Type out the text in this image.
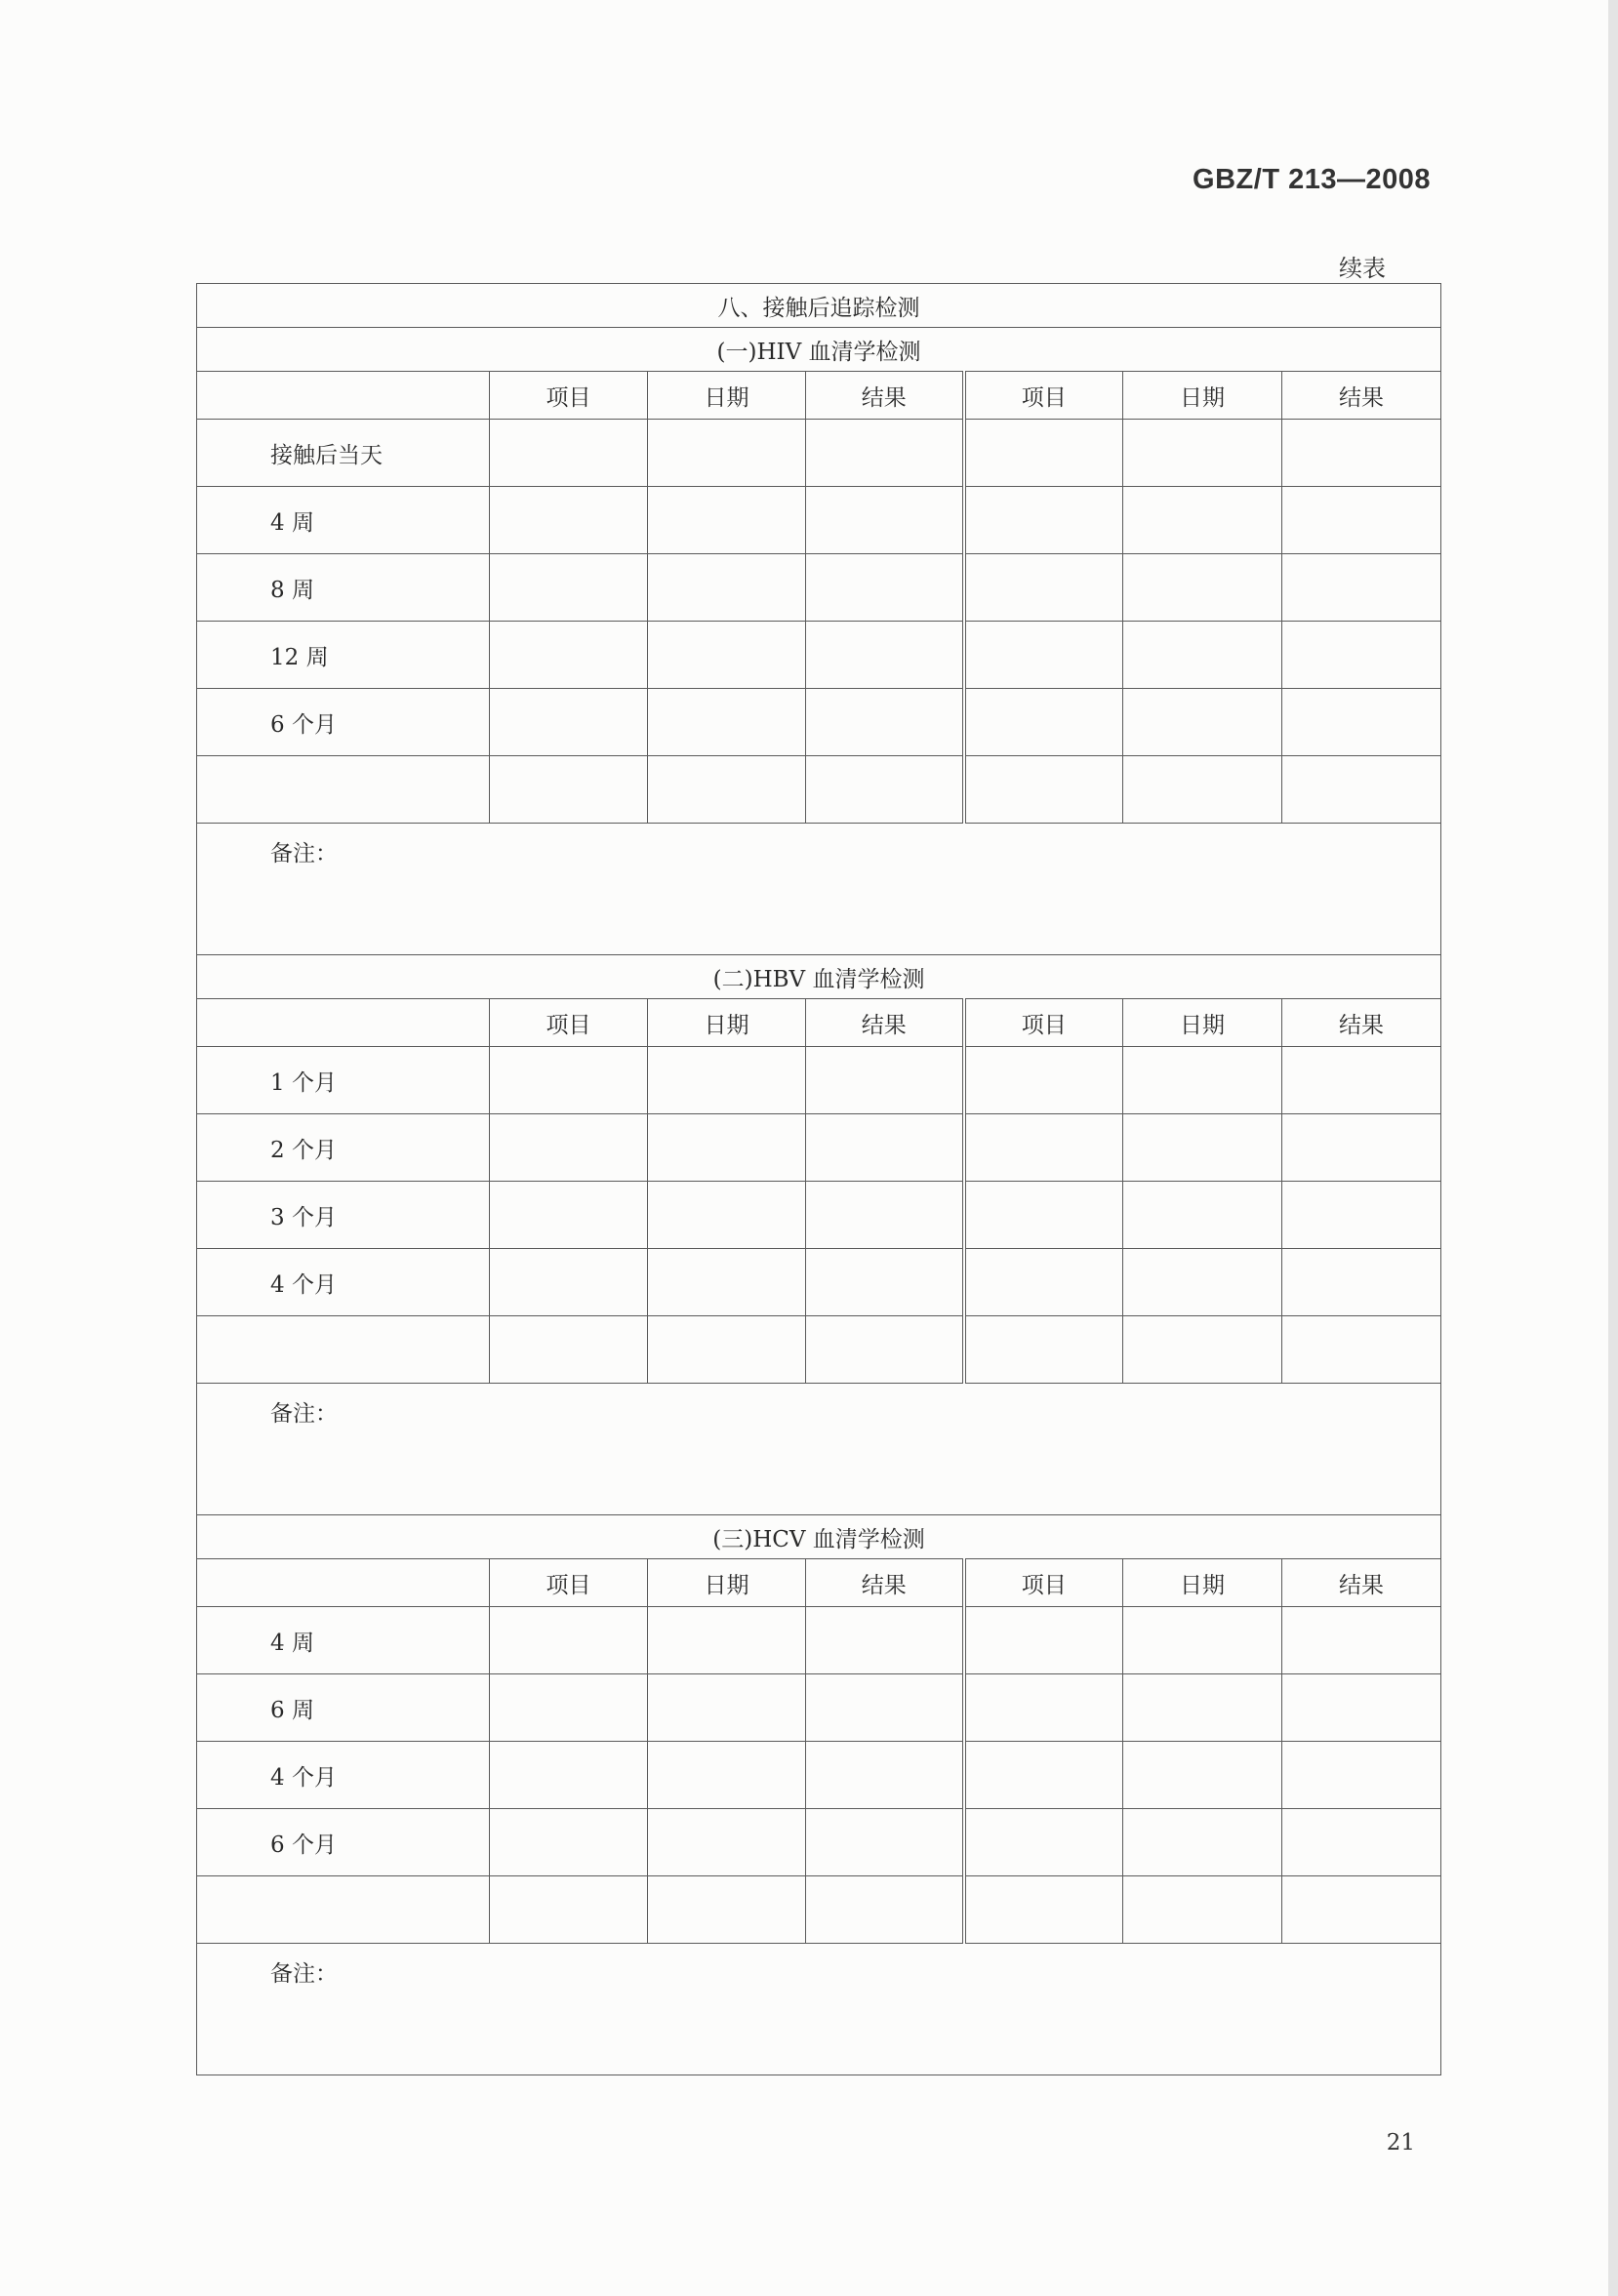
GBZ/T 213—2008
续表
八、接触后追踪检测						
(一)HIV 血清学检测						
	项目	日期	结果	项目	日期	结果
接触后当天						
4 周						
8 周						
12 周						
6 个月						

备注：						
(二)HBV 血清学检测						
	项目	日期	结果	项目	日期	结果
1 个月						
2 个月						
3 个月						
4 个月						

备注：						
(三)HCV 血清学检测						
	项目	日期	结果	项目	日期	结果
4 周						
6 周						
4 个月						
6 个月						

备注：						
21
